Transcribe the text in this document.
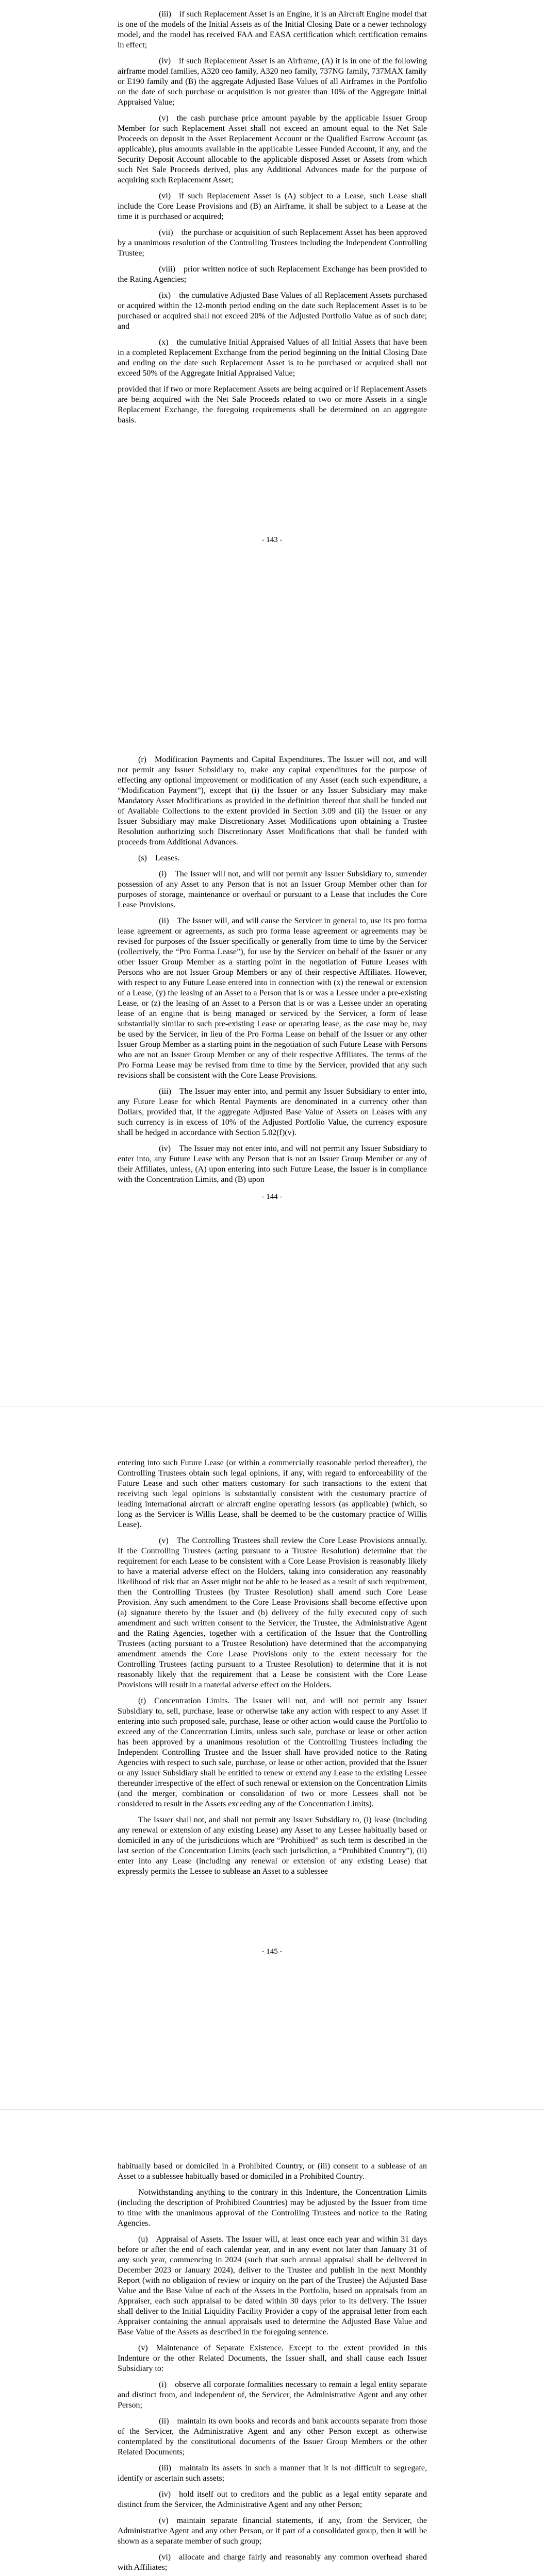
(iii) if such Replacement Asset is an Engine, it is an Aircraft Engine model that is one of the models of the Initial Assets as of the Initial Closing Date or a newer technology model, and the model has received FAA and EASA certification which certification remains in effect;

(iv) if such Replacement Asset is an Airframe, (A) it is in one of the following airframe model families, A320 ceo family, A320 neo family, 737NG family, 737MAX family or E190 family and (B) the aggregate Adjusted Base Values of all Airframes in the Portfolio on the date of such purchase or acquisition is not greater than 10% of the Aggregate Initial Appraised Value;

(v) the cash purchase price amount payable by the applicable Issuer Group Member for such Replacement Asset shall not exceed an amount equal to the Net Sale Proceeds on deposit in the Asset Replacement Account or the Qualified Escrow Account (as applicable), plus amounts available in the applicable Lessee Funded Account, if any, and the Security Deposit Account allocable to the applicable disposed Asset or Assets from which such Net Sale Proceeds derived, plus any Additional Advances made for the purpose of acquiring such Replacement Asset;

(vi) if such Replacement Asset is (A) subject to a Lease, such Lease shall include the Core Lease Provisions and (B) an Airframe, it shall be subject to a Lease at the time it is purchased or acquired;

(vii) the purchase or acquisition of such Replacement Asset has been approved by a unanimous resolution of the Controlling Trustees including the Independent Controlling Trustee;

(viii) prior written notice of such Replacement Exchange has been provided to the Rating Agencies;

(ix) the cumulative Adjusted Base Values of all Replacement Assets purchased or acquired within the 12-month period ending on the date such Replacement Asset is to be purchased or acquired shall not exceed 20% of the Adjusted Portfolio Value as of such date; and

(x) the cumulative Initial Appraised Values of all Initial Assets that have been in a completed Replacement Exchange from the period beginning on the Initial Closing Date and ending on the date such Replacement Asset is to be purchased or acquired shall not exceed 50% of the Aggregate Initial Appraised Value;

provided that if two or more Replacement Assets are being acquired or if Replacement Assets are being acquired with the Net Sale Proceeds related to two or more Assets in a single Replacement Exchange, the foregoing requirements shall be determined on an aggregate basis.

- 143 -

(r) Modification Payments and Capital Expenditures. The Issuer will not, and will not permit any Issuer Subsidiary to, make any capital expenditures for the purpose of effecting any optional improvement or modification of any Asset (each such expenditure, a “Modification Payment”), except that (i) the Issuer or any Issuer Subsidiary may make Mandatory Asset Modifications as provided in the definition thereof that shall be funded out of Available Collections to the extent provided in Section 3.09 and (ii) the Issuer or any Issuer Subsidiary may make Discretionary Asset Modifications upon obtaining a Trustee Resolution authorizing such Discretionary Asset Modifications that shall be funded with proceeds from Additional Advances.

(s) Leases.

(i) The Issuer will not, and will not permit any Issuer Subsidiary to, surrender possession of any Asset to any Person that is not an Issuer Group Member other than for purposes of storage, maintenance or overhaul or pursuant to a Lease that includes the Core Lease Provisions.

(ii) The Issuer will, and will cause the Servicer in general to, use its pro forma lease agreement or agreements, as such pro forma lease agreement or agreements may be revised for purposes of the Issuer specifically or generally from time to time by the Servicer (collectively, the “Pro Forma Lease”), for use by the Servicer on behalf of the Issuer or any other Issuer Group Member as a starting point in the negotiation of Future Leases with Persons who are not Issuer Group Members or any of their respective Affiliates. However, with respect to any Future Lease entered into in connection with (x) the renewal or extension of a Lease, (y) the leasing of an Asset to a Person that is or was a Lessee under a pre-existing Lease, or (z) the leasing of an Asset to a Person that is or was a Lessee under an operating lease of an engine that is being managed or serviced by the Servicer, a form of lease substantially similar to such pre-existing Lease or operating lease, as the case may be, may be used by the Servicer, in lieu of the Pro Forma Lease on behalf of the Issuer or any other Issuer Group Member as a starting point in the negotiation of such Future Lease with Persons who are not an Issuer Group Member or any of their respective Affiliates. The terms of the Pro Forma Lease may be revised from time to time by the Servicer, provided that any such revisions shall be consistent with the Core Lease Provisions.

(iii) The Issuer may enter into, and permit any Issuer Subsidiary to enter into, any Future Lease for which Rental Payments are denominated in a currency other than Dollars, provided that, if the aggregate Adjusted Base Value of Assets on Leases with any such currency is in excess of 10% of the Adjusted Portfolio Value, the currency exposure shall be hedged in accordance with Section 5.02(f)(v).

(iv) The Issuer may not enter into, and will not permit any Issuer Subsidiary to enter into, any Future Lease with any Person that is not an Issuer Group Member or any of their Affiliates, unless, (A) upon entering into such Future Lease, the Issuer is in compliance with the Concentration Limits, and (B) upon

- 144 -

entering into such Future Lease (or within a commercially reasonable period thereafter), the Controlling Trustees obtain such legal opinions, if any, with regard to enforceability of the Future Lease and such other matters customary for such transactions to the extent that receiving such legal opinions is substantially consistent with the customary practice of leading international aircraft or aircraft engine operating lessors (as applicable) (which, so long as the Servicer is Willis Lease, shall be deemed to be the customary practice of Willis Lease).

(v) The Controlling Trustees shall review the Core Lease Provisions annually. If the Controlling Trustees (acting pursuant to a Trustee Resolution) determine that the requirement for each Lease to be consistent with a Core Lease Provision is reasonably likely to have a material adverse effect on the Holders, taking into consideration any reasonably likelihood of risk that an Asset might not be able to be leased as a result of such requirement, then the Controlling Trustees (by Trustee Resolution) shall amend such Core Lease Provision. Any such amendment to the Core Lease Provisions shall become effective upon (a) signature thereto by the Issuer and (b) delivery of the fully executed copy of such amendment and such written consent to the Servicer, the Trustee, the Administrative Agent and the Rating Agencies, together with a certification of the Issuer that the Controlling Trustees (acting pursuant to a Trustee Resolution) have determined that the accompanying amendment amends the Core Lease Provisions only to the extent necessary for the Controlling Trustees (acting pursuant to a Trustee Resolution) to determine that it is not reasonably likely that the requirement that a Lease be consistent with the Core Lease Provisions will result in a material adverse effect on the Holders.

(t) Concentration Limits. The Issuer will not, and will not permit any Issuer Subsidiary to, sell, purchase, lease or otherwise take any action with respect to any Asset if entering into such proposed sale, purchase, lease or other action would cause the Portfolio to exceed any of the Concentration Limits, unless such sale, purchase or lease or other action has been approved by a unanimous resolution of the Controlling Trustees including the Independent Controlling Trustee and the Issuer shall have provided notice to the Rating Agencies with respect to such sale, purchase, or lease or other action, provided that the Issuer or any Issuer Subsidiary shall be entitled to renew or extend any Lease to the existing Lessee thereunder irrespective of the effect of such renewal or extension on the Concentration Limits (and the merger, combination or consolidation of two or more Lessees shall not be considered to result in the Assets exceeding any of the Concentration Limits).

The Issuer shall not, and shall not permit any Issuer Subsidiary to, (i) lease (including any renewal or extension of any existing Lease) any Asset to any Lessee habitually based or domiciled in any of the jurisdictions which are “Prohibited” as such term is described in the last section of the Concentration Limits (each such jurisdiction, a “Prohibited Country”), (ii) enter into any Lease (including any renewal or extension of any existing Lease) that expressly permits the Lessee to sublease an Asset to a sublessee

- 145 -

habitually based or domiciled in a Prohibited Country, or (iii) consent to a sublease of an Asset to a sublessee habitually based or domiciled in a Prohibited Country.

Notwithstanding anything to the contrary in this Indenture, the Concentration Limits (including the description of Prohibited Countries) may be adjusted by the Issuer from time to time with the unanimous approval of the Controlling Trustees and notice to the Rating Agencies.

(u) Appraisal of Assets. The Issuer will, at least once each year and within 31 days before or after the end of each calendar year, and in any event not later than January 31 of any such year, commencing in 2024 (such that such annual appraisal shall be delivered in December 2023 or January 2024), deliver to the Trustee and publish in the next Monthly Report (with no obligation of review or inquiry on the part of the Trustee) the Adjusted Base Value and the Base Value of each of the Assets in the Portfolio, based on appraisals from an Appraiser, each such appraisal to be dated within 30 days prior to its delivery. The Issuer shall deliver to the Initial Liquidity Facility Provider a copy of the appraisal letter from each Appraiser containing the annual appraisals used to determine the Adjusted Base Value and Base Value of the Assets as described in the foregoing sentence.

(v) Maintenance of Separate Existence. Except to the extent provided in this Indenture or the other Related Documents, the Issuer shall, and shall cause each Issuer Subsidiary to:

(i) observe all corporate formalities necessary to remain a legal entity separate and distinct from, and independent of, the Servicer, the Administrative Agent and any other Person;

(ii) maintain its own books and records and bank accounts separate from those of the Servicer, the Administrative Agent and any other Person except as otherwise contemplated by the constitutional documents of the Issuer Group Members or the other Related Documents;

(iii) maintain its assets in such a manner that it is not difficult to segregate, identify or ascertain such assets;

(iv) hold itself out to creditors and the public as a legal entity separate and distinct from the Servicer, the Administrative Agent and any other Person;

(v) maintain separate financial statements, if any, from the Servicer, the Administrative Agent and any other Person, or if part of a consolidated group, then it will be shown as a separate member of such group;

(vi) allocate and charge fairly and reasonably any common overhead shared with Affiliates;
